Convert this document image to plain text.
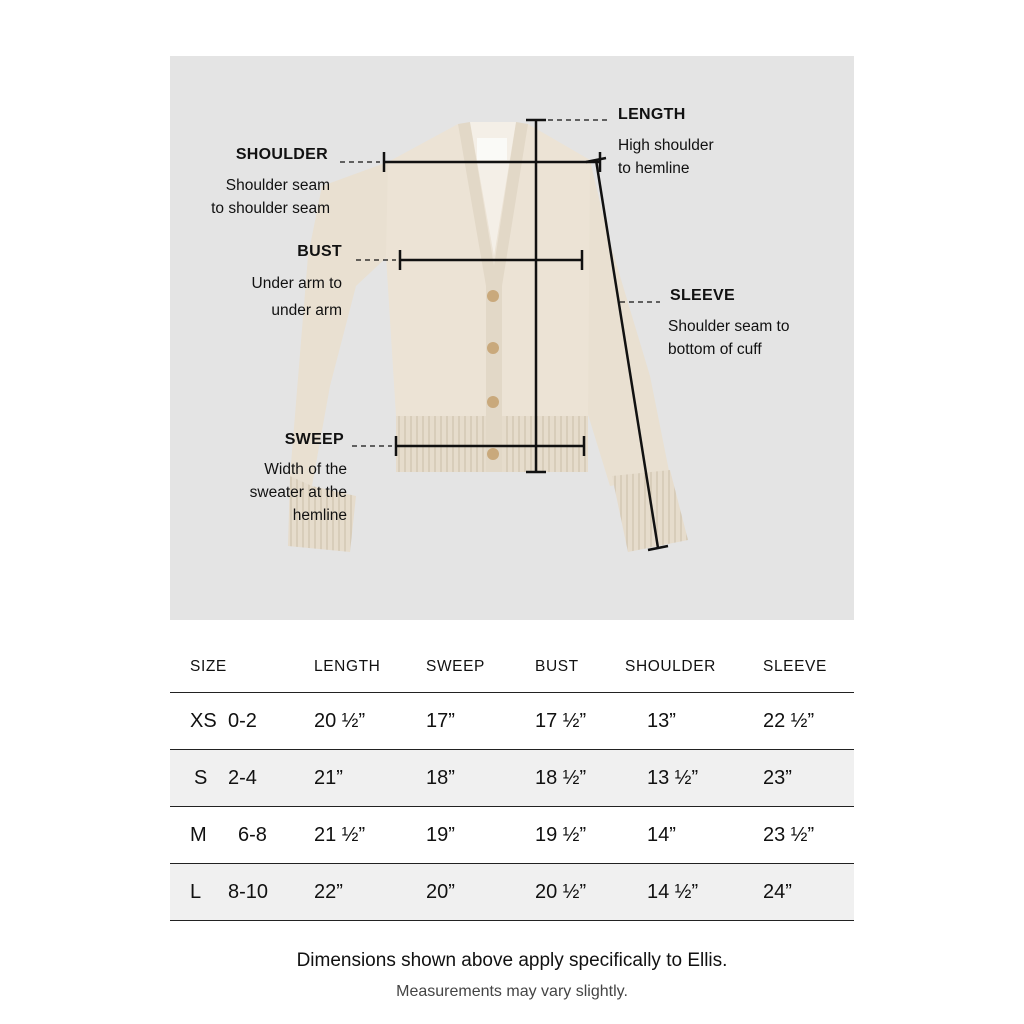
LENGTH
High shoulder
to hemline
SHOULDER
Shoulder seam
to shoulder seam
BUST
Under arm to
under arm
SLEEVE
Shoulder seam to
bottom of cuff
SWEEP
Width of the
sweater at the
hemline
SIZE	LENGTH	SWEEP	BUST	SHOULDER	SLEEVE
XS 0-2	20 ½”	17”	17 ½”	13”	22 ½”
S 2-4	21”	18”	18 ½”	13 ½”	23”
M 6-8	21 ½”	19”	19 ½”	14”	23 ½”
L 8-10	22”	20”	20 ½”	14 ½”	24”
Dimensions shown above apply specifically to Ellis.
Measurements may vary slightly.
